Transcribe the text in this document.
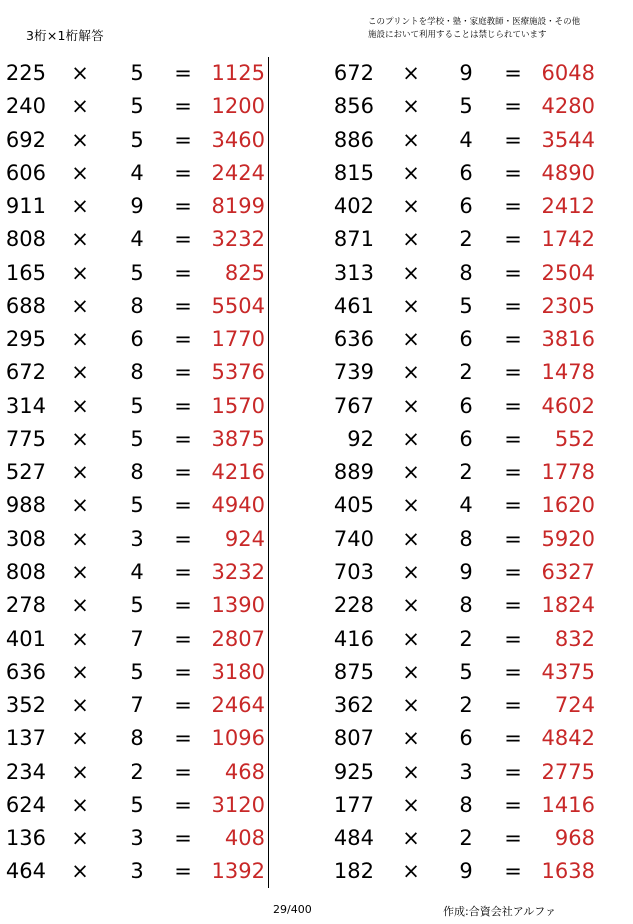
3桁×1桁解答
このプリントを学校・塾・家庭教師・医療施設・その他
施設において利用することは禁じられています
225 × 5 = 1125
240 × 5 = 1200
692 × 5 = 3460
606 × 4 = 2424
911 × 9 = 8199
808 × 4 = 3232
165 × 5 =	825
688 × 8 = 5504
295 × 6 = 1770
672 × 8 = 5376
314 × 5 = 1570
775 × 5 = 3875
527 × 8 = 4216
988 × 5 = 4940
308 × 3 =	924
808 × 4 = 3232
278 × 5 = 1390
401 × 7 = 2807
636 × 5 = 3180
352 × 7 = 2464
137 × 8 = 1096
234 × 2 =	468
624 × 5 = 3120
136 × 3 =	408
464 × 3 = 1392
672 × 9 = 6048
856 × 5 = 4280
886 × 4 = 3544
815 × 6 = 4890
402 × 6 = 2412
871 × 2 = 1742
313 × 8 = 2504
461 × 5 = 2305
636 × 6 = 3816
739 × 2 = 1478
767 × 6 = 4602
92 × 6 =	552
889 × 2 = 1778
405 × 4 = 1620
740 × 8 = 5920
703 × 9 = 6327
228 × 8 = 1824
416 × 2 =	832
875 × 5 = 4375
362 × 2 =	724
807 × 6 = 4842
925 × 3 = 2775
177 × 8 = 1416
484 × 2 =	968
182 × 9 = 1638
29/400	作成:合資会社アルファ
